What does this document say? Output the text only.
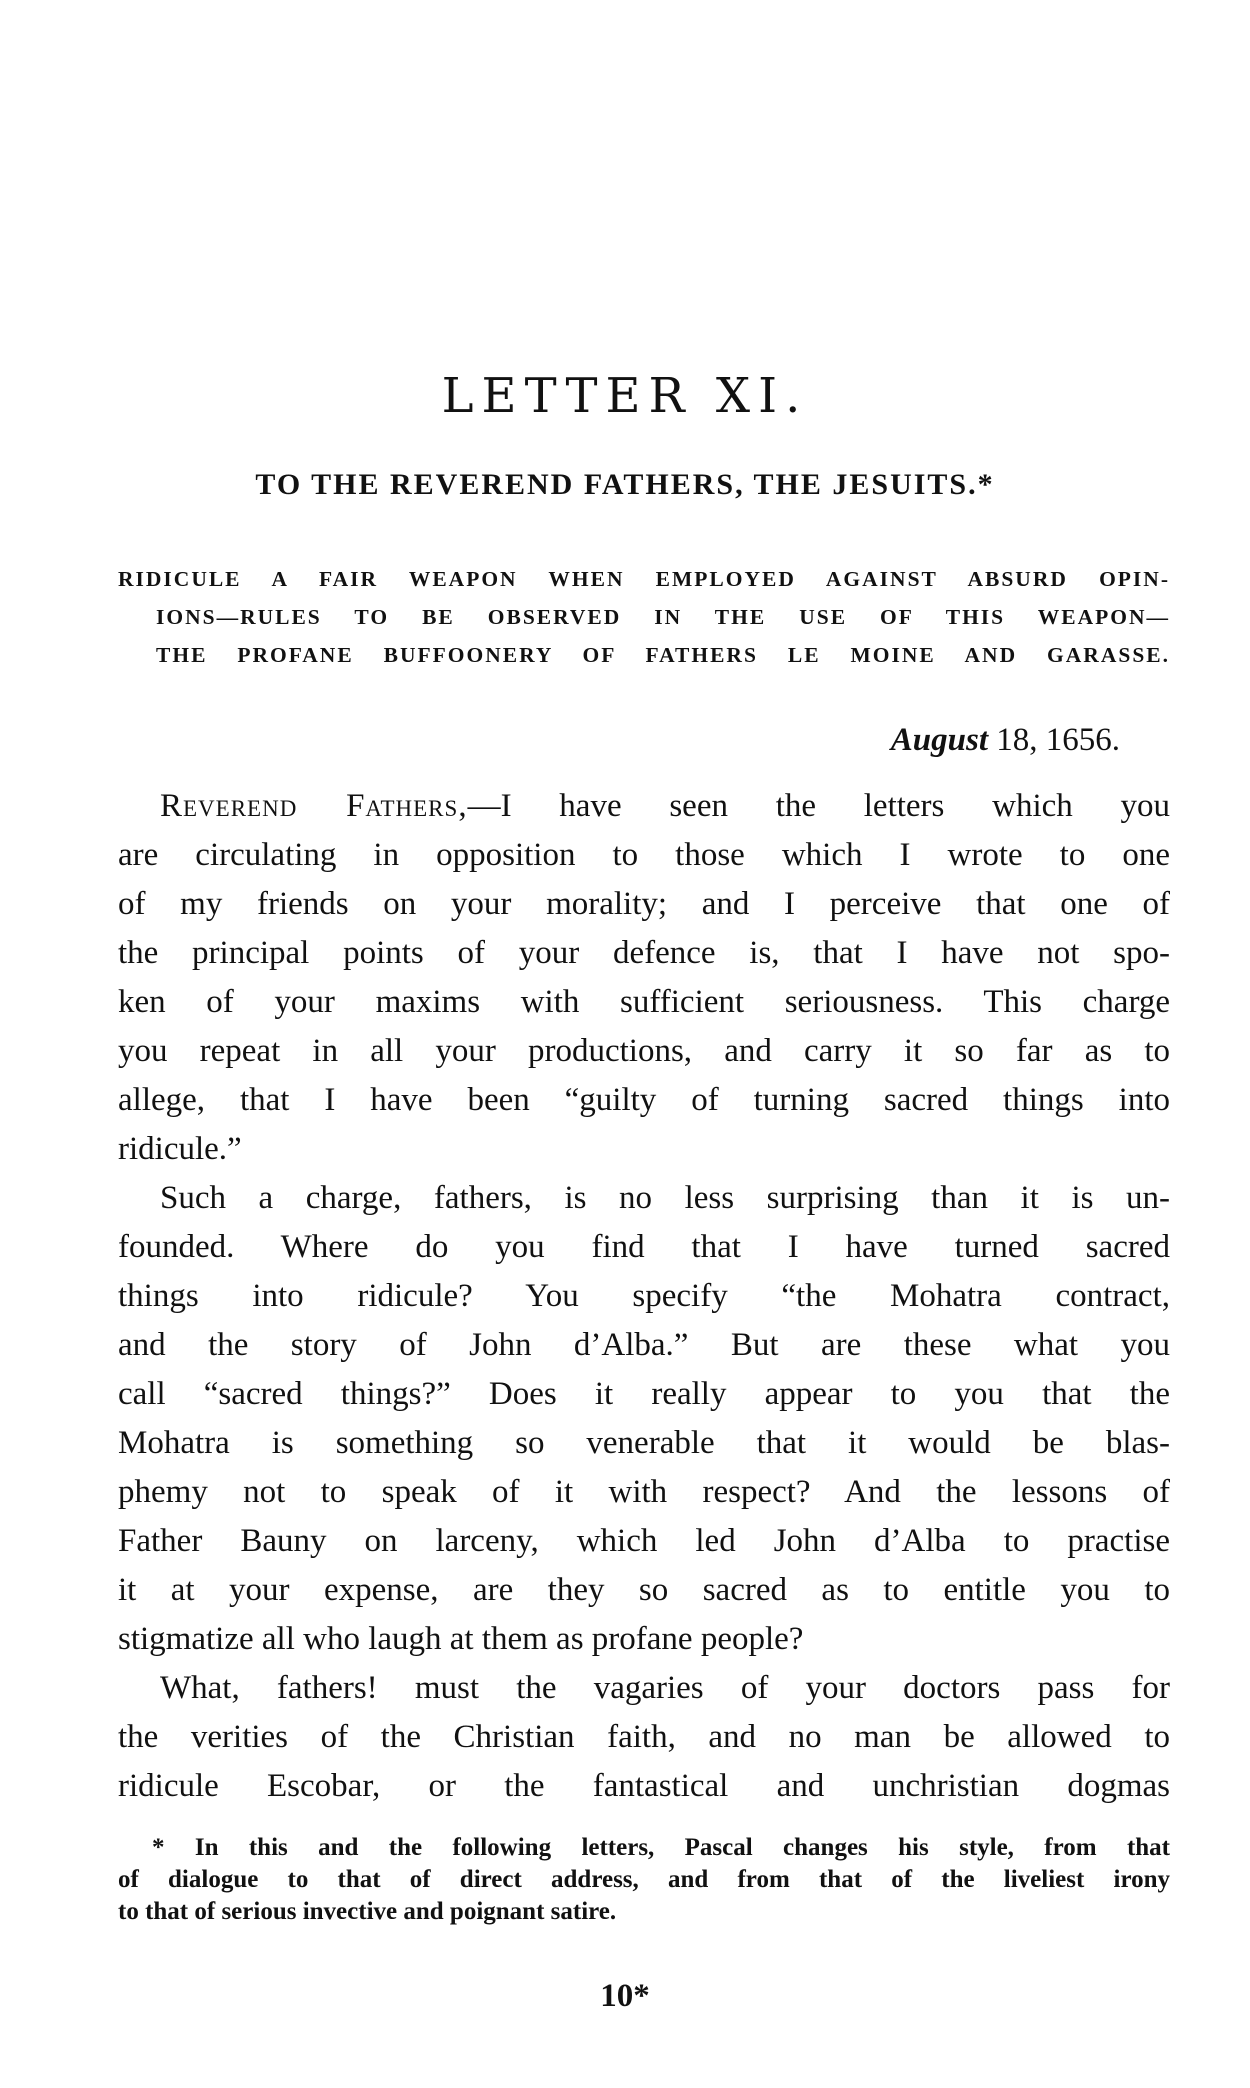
LETTER XI.
TO THE REVEREND FATHERS, THE JESUITS.*
RIDICULE A FAIR WEAPON WHEN EMPLOYED AGAINST ABSURD OPIN-
IONS—RULES TO BE OBSERVED IN THE USE OF THIS WEAPON—
THE PROFANE BUFFOONERY OF FATHERS LE MOINE AND GARASSE.

August 18, 1656.

Reverend Fathers,—I have seen the letters which you
are circulating in opposition to those which I wrote to one
of my friends on your morality; and I perceive that one of
the principal points of your defence is, that I have not spo-
ken of your maxims with sufficient seriousness. This charge
you repeat in all your productions, and carry it so far as to
allege, that I have been “guilty of turning sacred things into
ridicule.”
Such a charge, fathers, is no less surprising than it is un-
founded. Where do you find that I have turned sacred
things into ridicule? You specify “the Mohatra contract,
and the story of John d’Alba.” But are these what you
call “sacred things?” Does it really appear to you that the
Mohatra is something so venerable that it would be blas-
phemy not to speak of it with respect? And the lessons of
Father Bauny on larceny, which led John d’Alba to practise
it at your expense, are they so sacred as to entitle you to
stigmatize all who laugh at them as profane people?
What, fathers! must the vagaries of your doctors pass for
the verities of the Christian faith, and no man be allowed to
ridicule Escobar, or the fantastical and unchristian dogmas
* In this and the following letters, Pascal changes his style, from that
of dialogue to that of direct address, and from that of the liveliest irony
to that of serious invective and poignant satire.

10*
